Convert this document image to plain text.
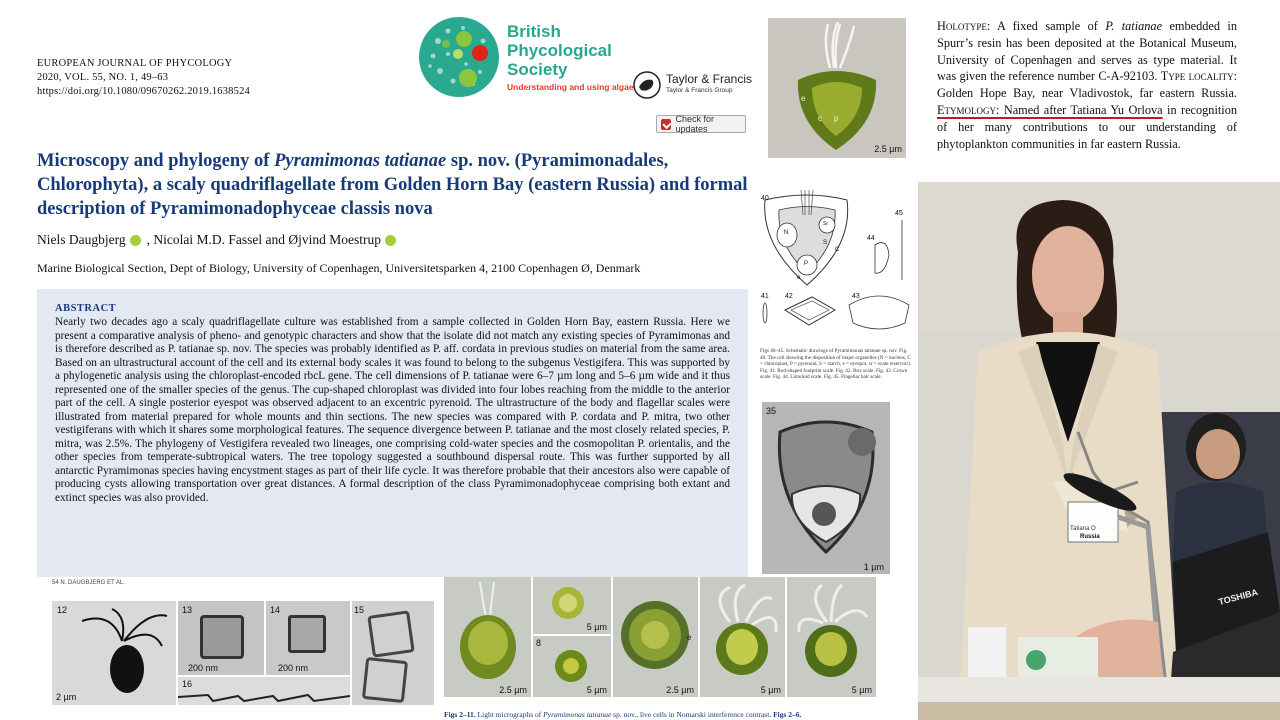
EUROPEAN JOURNAL OF PHYCOLOGY
2020, VOL. 55, NO. 1, 49–63
https://doi.org/10.1080/09670262.2019.1638524
British
Phycological
Society
Understanding and using algae
Taylor & Francis
Taylor & Francis Group
Check for updates
Microscopy and phylogeny of Pyramimonas tatianae sp. nov. (Pyramimonadales, Chlorophyta), a scaly quadriflagellate from Golden Horn Bay (eastern Russia) and formal description of Pyramimonadophyceae classis nova
Niels Daugbjerg , Nicolai M.D. Fassel and Øjvind Moestrup
Marine Biological Section, Dept of Biology, University of Copenhagen, Universitetsparken 4, 2100 Copenhagen Ø, Denmark
ABSTRACT
Nearly two decades ago a scaly quadriflagellate culture was established from a sample collected in Golden Horn Bay, eastern Russia. Here we present a comparative analysis of pheno- and genotypic characters and show that the isolate did not match any existing species of Pyramimonas and is therefore described as P. tatianae sp. nov. The species was probably identified as P. aff. cordata in previous studies on material from the same area. Based on an ultrastructural account of the cell and its external body scales it was found to belong to the subgenus Vestigifera. This was supported by a phylogenetic analysis using the chloroplast-encoded rbcL gene. The cell dimensions of P. tatianae were 6–7 µm long and 5–6 µm wide and it thus represented one of the smaller species of the genus. The cup-shaped chloroplast was divided into four lobes reaching from the middle to the anterior part of the cell. A single posterior eyespot was observed adjacent to an excentric pyrenoid. The ultrastructure of the body and flagellar scales were illustrated from material prepared for whole mounts and thin sections. The new species was compared with P. cordata and P. mitra, two other vestigiferans with which it shares some morphological features. The sequence divergence between P. tatianae and the most closely related species, P. mitra, was 2.5%. The phylogeny of Vestigifera revealed two lineages, one comprising cold-water species and the cosmopolitan P. orientalis, and the other species from temperate-subtropical waters. The tree topology suggested a southbound dispersal route. This was further supported by all antarctic Pyramimonas species having encystment stages as part of their life cycle. It was therefore probable that their ancestors also were capable of producing cysts allowing transportation over great distances. A formal description of the class Pyramimonadophyceae comprising both extant and extinct species was also provided.
54 N. DAUGBJERG ET AL.
12
2 µm
13
200 nm
14
200 nm
15
16
2.5 µm
5 µm
8
5 µm
e
2.5 µm	5 µm	5 µm
Figs 2–11. Light micrographs of Pyramimonas tatianae sp. nov., live cells in Nomarski interference contrast. Figs 2–6.
e
c p
2.5 µm
40
41 42	43
44
45
N
Sr
S
C
P
e
Figs 40–45. Schematic drawings of Pyramimonas tatianae sp. nov. Fig. 40. The cell showing the disposition of major organelles (N = nucleus, C = chloroplast, P = pyrenoid, S = starch, e = eyespot, sr = scale reservoir). Fig. 41. Rod-shaped footprint scale. Fig. 42. Box scale. Fig. 43. Crown scale. Fig. 44. Limuloid scale. Fig. 45. Flagellar hair scale.
35
1 µm
Holotype: A fixed sample of P. tatianae embedded in Spurr’s resin has been deposited at the Botanical Museum, University of Copenhagen and serves as type material. It was given the reference number C-A-92103. Type locality: Golden Hope Bay, near Vladivostok, far eastern Russia. Etymology: Named after Tatiana Yu Orlova in recognition of her many contributions to our understanding of phytoplankton communities in far eastern Russia.
Tatiana O
Russia
TOSHIBA
